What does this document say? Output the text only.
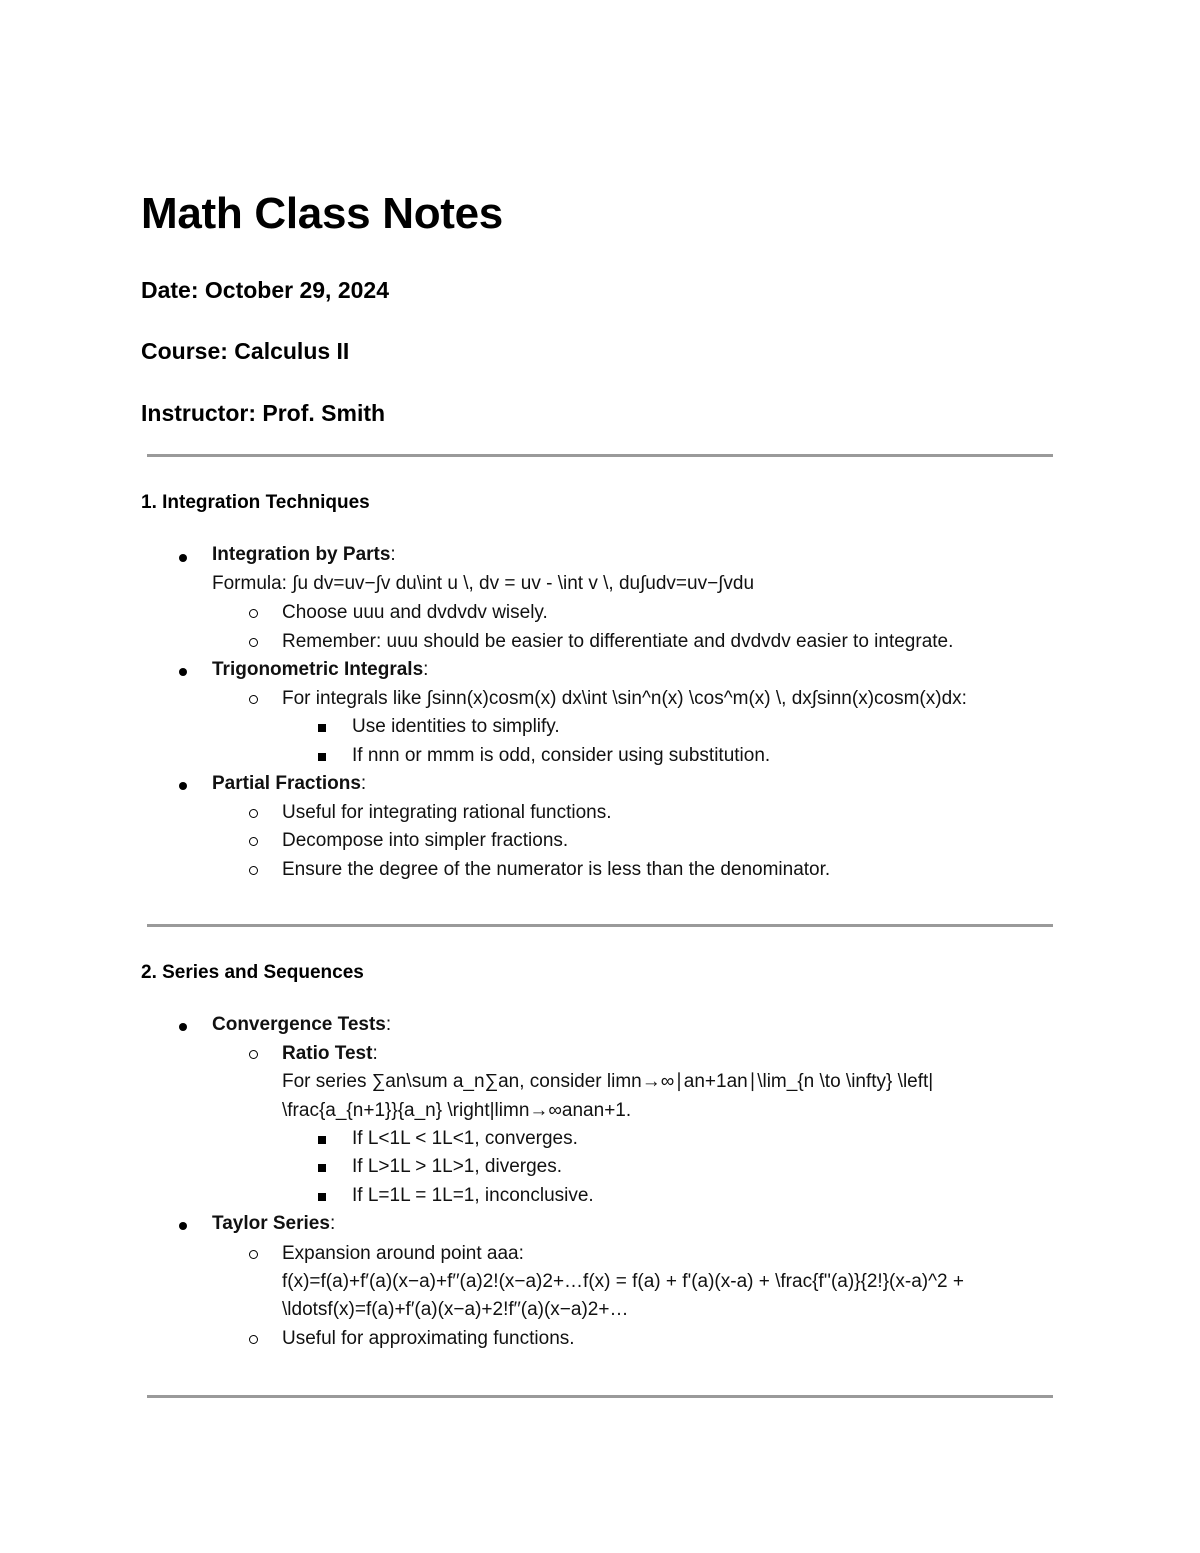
Math Class Notes
Date: October 29, 2024
Course: Calculus II
Instructor: Prof. Smith
1. Integration Techniques
Integration by Parts:
Formula: ∫u dv=uv−∫v du\int u \, dv = uv - \int v \, du∫udv=uv−∫vdu
Choose uuu and dvdvdv wisely.
Remember: uuu should be easier to differentiate and dvdvdv easier to integrate.
Trigonometric Integrals:
For integrals like ∫sinn(x)cosm(x) dx\int \sin^n(x) \cos^m(x) \, dx∫sinn(x)cosm(x)dx:
Use identities to simplify.
If nnn or mmm is odd, consider using substitution.
Partial Fractions:
Useful for integrating rational functions.
Decompose into simpler fractions.
Ensure the degree of the numerator is less than the denominator.
2. Series and Sequences
Convergence Tests:
Ratio Test:
For series ∑an\sum a_n∑an, consider limn→∞∣an+1an∣\lim_{n \to \infty} \left|
\frac{a_{n+1}}{a_n} \right|limn→∞anan+1.
If L<1L < 1L<1, converges.
If L>1L > 1L>1, diverges.
If L=1L = 1L=1, inconclusive.
Taylor Series:
Expansion around point aaa:
f(x)=f(a)+f′(a)(x−a)+f′′(a)2!(x−a)2+…f(x) = f(a) + f'(a)(x-a) + \frac{f''(a)}{2!}(x-a)^2 +
\ldotsf(x)=f(a)+f′(a)(x−a)+2!f′′(a)(x−a)2+…
Useful for approximating functions.
